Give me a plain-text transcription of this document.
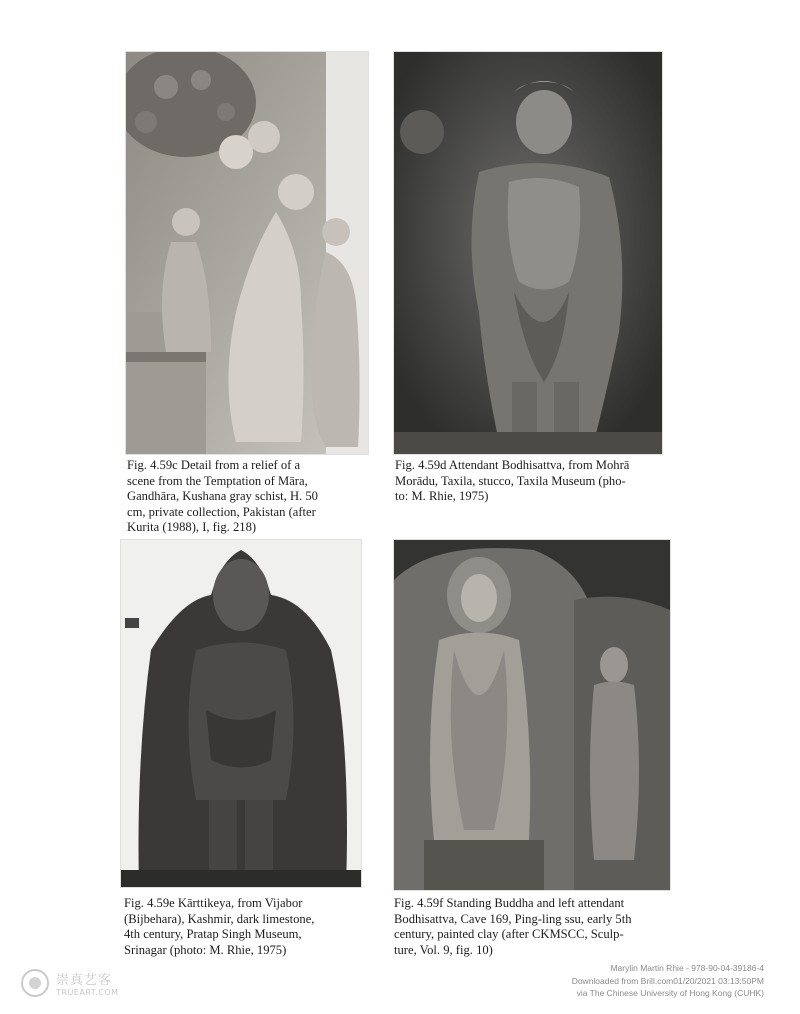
Fig. 4.59c Detail from a relief of a
scene from the Temptation of Māra,
Gandhāra, Kushana gray schist, H. 50
cm, private collection, Pakistan (after
Kurita (1988), I, fig. 218)
Fig. 4.59d Attendant Bodhisattva, from Mohrā
Morādu, Taxila, stucco, Taxila Museum (pho-
to: M. Rhie, 1975)
Fig. 4.59e Kārttikeya, from Vijabor
(Bijbehara), Kashmir, dark limestone,
4th century, Pratap Singh Museum,
Srinagar (photo: M. Rhie, 1975)
Fig. 4.59f Standing Buddha and left attendant
Bodhisattva, Cave 169, Ping-ling ssu, early 5th
century, painted clay (after CKMSCC, Sculp-
ture, Vol. 9, fig. 10)
崇真艺客
TRUEART.COM
Marylin Martin Rhie - 978-90-04-39186-4
Downloaded from Brill.com01/20/2021 03:13:50PM
via The Chinese University of Hong Kong (CUHK)
